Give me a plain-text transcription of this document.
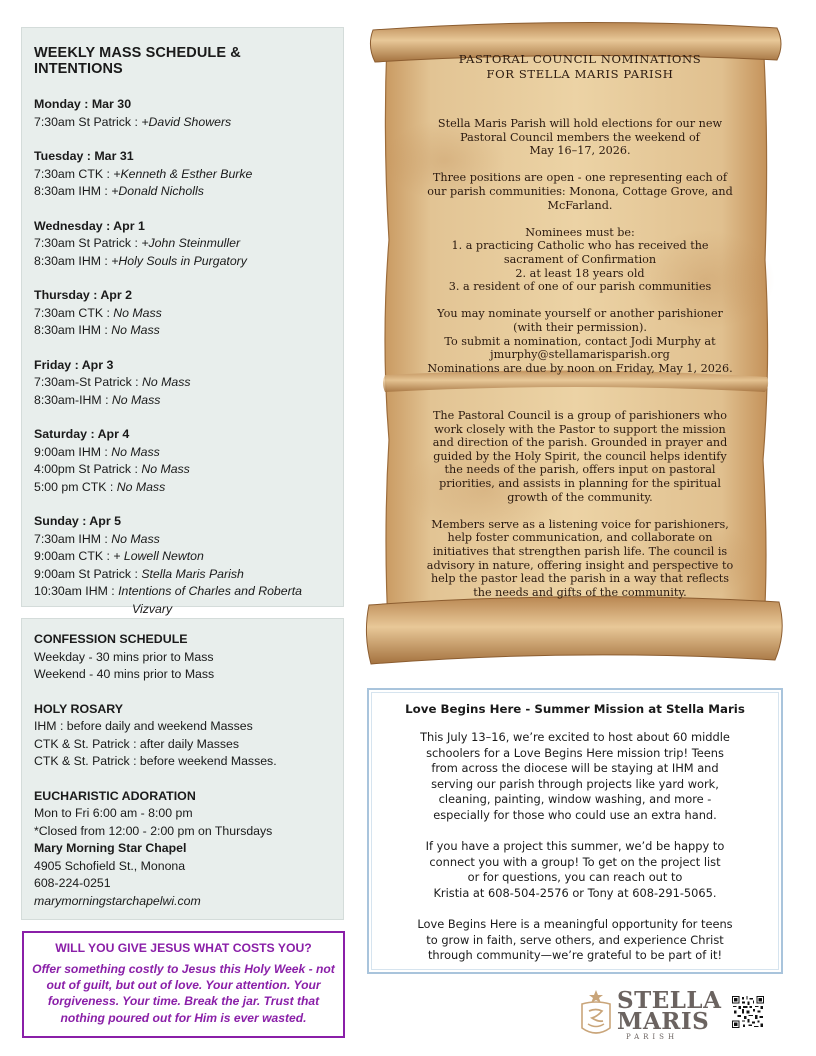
WEEKLY MASS SCHEDULE & INTENTIONS
Monday : Mar 30
7:30am St Patrick : +David Showers
Tuesday : Mar 31
7:30am CTK : +Kenneth & Esther Burke
8:30am IHM : +Donald Nicholls
Wednesday : Apr 1
7:30am St Patrick : +John Steinmuller
8:30am IHM : +Holy Souls in Purgatory
Thursday : Apr 2
7:30am CTK : No Mass
8:30am IHM : No Mass
Friday : Apr 3
7:30am-St Patrick : No Mass
8:30am-IHM : No Mass
Saturday : Apr 4
9:00am IHM : No Mass
4:00pm St Patrick : No Mass
5:00 pm CTK : No Mass
Sunday : Apr 5
7:30am IHM : No Mass
9:00am CTK : + Lowell Newton
9:00am St Patrick : Stella Maris Parish
10:30am IHM : Intentions of Charles and Roberta
Vizvary
CONFESSION SCHEDULE
Weekday - 30 mins prior to Mass
Weekend - 40 mins prior to Mass
HOLY ROSARY
IHM : before daily and weekend Masses
CTK & St. Patrick : after daily Masses
CTK & St. Patrick : before weekend Masses.
EUCHARISTIC ADORATION
Mon to Fri 6:00 am - 8:00 pm
*Closed from 12:00 - 2:00 pm on Thursdays
Mary Morning Star Chapel
4905 Schofield St., Monona
608-224-0251
marymorningstarchapelwi.com
WILL YOU GIVE JESUS WHAT COSTS YOU?
Offer something costly to Jesus this Holy Week - not out of guilt, but out of love. Your attention. Your forgiveness. Your time. Break the jar. Trust that nothing poured out for Him is ever wasted.
PASTORAL COUNCIL NOMINATIONS
FOR STELLA MARIS PARISH
Stella Maris Parish will hold elections for our new
Pastoral Council members the weekend of
May 16–17, 2026.
Three positions are open - one representing each of
our parish communities: Monona, Cottage Grove, and
McFarland.
Nominees must be:
1. a practicing Catholic who has received the
sacrament of Confirmation
2. at least 18 years old
3. a resident of one of our parish communities
You may nominate yourself or another parishioner
(with their permission).
To submit a nomination, contact Jodi Murphy at
jmurphy@stellamarisparish.org
Nominations are due by noon on Friday, May 1, 2026.
The Pastoral Council is a group of parishioners who
work closely with the Pastor to support the mission
and direction of the parish. Grounded in prayer and
guided by the Holy Spirit, the council helps identify
the needs of the parish, offers input on pastoral
priorities, and assists in planning for the spiritual
growth of the community.
Members serve as a listening voice for parishioners,
help foster communication, and collaborate on
initiatives that strengthen parish life. The council is
advisory in nature, offering insight and perspective to
help the pastor lead the parish in a way that reflects
the needs and gifts of the community.
Love Begins Here - Summer Mission at Stella Maris
This July 13–16, we’re excited to host about 60 middle
schoolers for a Love Begins Here mission trip! Teens
from across the diocese will be staying at IHM and
serving our parish through projects like yard work,
cleaning, painting, window washing, and more -
especially for those who could use an extra hand.
If you have a project this summer, we’d be happy to
connect you with a group! To get on the project list
or for questions, you can reach out to
Kristia at 608-504-2576 or Tony at 608-291-5065.
Love Begins Here is a meaningful opportunity for teens
to grow in faith, serve others, and experience Christ
through community—we’re grateful to be part of it!
STELLA
MARIS
PARISH
